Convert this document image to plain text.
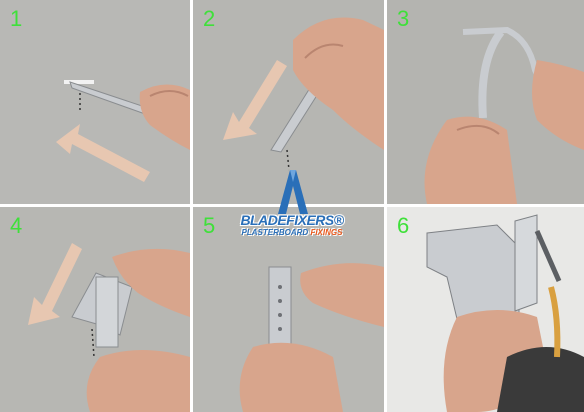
1	2	3
4	5	6
BLADEFIXERS®
PLASTERBOARD FIXINGS
